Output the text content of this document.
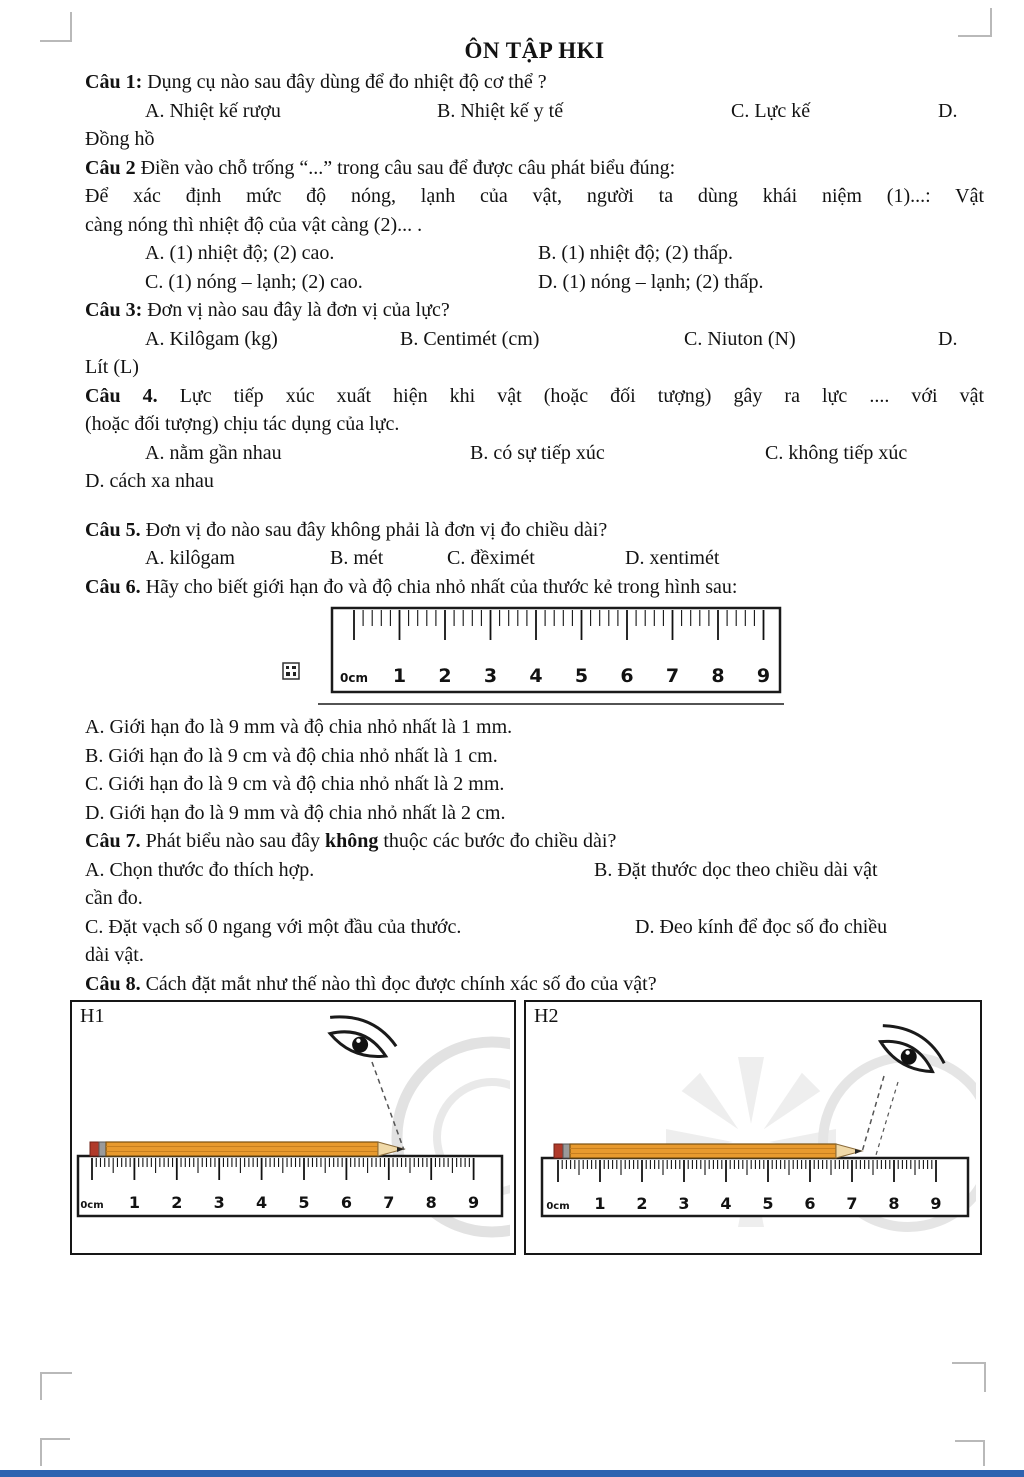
ÔN TẬP HKI

Câu 1: Dụng cụ nào sau đây dùng để đo nhiệt độ cơ thể ?

A. Nhiệt kế rượu	B. Nhiệt kế y tế	C. Lực kế	D.

Đồng hồ

Câu 2 Điền vào chỗ trống “...” trong câu sau để được câu phát biểu đúng:

Để xác định mức độ nóng, lạnh của vật, người ta dùng khái niệm (1)...: Vật

càng nóng thì nhiệt độ của vật càng (2)... .

A. (1) nhiệt độ; (2) cao.	B. (1) nhiệt độ; (2) thấp.
C. (1) nóng – lạnh; (2) cao.	D. (1) nóng – lạnh; (2) thấp.

Câu 3: Đơn vị nào sau đây là đơn vị của lực?

A. Kilôgam (kg)	B. Centimét (cm)	C. Niuton (N)	D.

Lít (L)

Câu 4. Lực tiếp xúc xuất hiện khi vật (hoặc đối tượng) gây ra lực .... với vật

(hoặc đối tượng) chịu tác dụng của lực.

A. nằm gần nhau	B. có sự tiếp xúc	C. không tiếp xúc

D. cách xa nhau

Câu 5. Đơn vị đo nào sau đây không phải là đơn vị đo chiều dài?

A. kilôgam	B. mét	C. đềximét	D. xentimét

Câu 6. Hãy cho biết giới hạn đo và độ chia nhỏ nhất của thước kẻ trong hình sau:

0cm 1 2 3 4 5 6 7 8 9

A. Giới hạn đo là 9 mm và độ chia nhỏ nhất là 1 mm.

B. Giới hạn đo là 9 cm và độ chia nhỏ nhất là 1 cm.

C. Giới hạn đo là 9 cm và độ chia nhỏ nhất là 2 mm.

D. Giới hạn đo là 9 mm và độ chia nhỏ nhất là 2 cm.

Câu 7. Phát biểu nào sau đây không thuộc các bước đo chiều dài?

A. Chọn thước đo thích hợp.	B. Đặt thước dọc theo chiều dài vật

cần đo.

C. Đặt vạch số 0 ngang với một đầu của thước.	D. Đeo kính để đọc số đo chiều

dài vật.

Câu 8. Cách đặt mắt như thế nào thì đọc được chính xác số đo của vật?

H1
0cm 1 2 3 4 5 6 7 8 9
H2
0cm 1 2 3 4 5 6 7 8 9
